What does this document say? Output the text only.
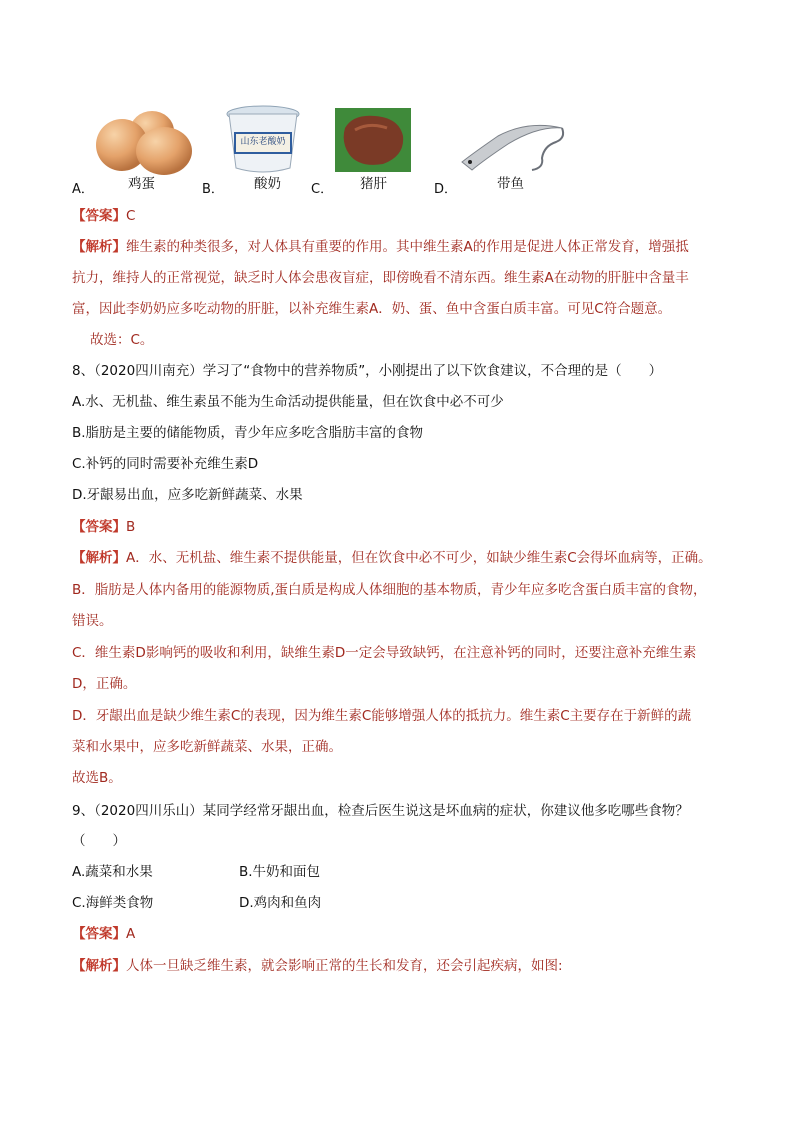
山东老酸奶
A．	鸡蛋	B． 酸奶 C． 猪肝	D．	带鱼
【答案】C
【解析】维生素的种类很多，对人体具有重要的作用。其中维生素A的作用是促进人体正常发育，增强抵
抗力，维持人的正常视觉，缺乏时人体会患夜盲症，即傍晚看不清东西。维生素A在动物的肝脏中含量丰
富，因此李奶奶应多吃动物的肝脏，以补充维生素A．奶、蛋、鱼中含蛋白质丰富。可见C符合题意。
故选：C。
8、（2020四川南充）学习了“食物中的营养物质”，小刚提出了以下饮食建议，不合理的是（　　）
A.水、无机盐、维生素虽不能为生命活动提供能量，但在饮食中必不可少
B.脂肪是主要的储能物质，青少年应多吃含脂肪丰富的食物
C.补钙的同时需要补充维生素D
D.牙龈易出血，应多吃新鲜蔬菜、水果
【答案】B
【解析】A．水、无机盐、维生素不提供能量，但在饮食中必不可少，如缺少维生素C会得坏血病等，正确。
B．脂肪是人体内备用的能源物质,蛋白质是构成人体细胞的基本物质，青少年应多吃含蛋白质丰富的食物，
错误。
C．维生素D影响钙的吸收和利用，缺维生素D一定会导致缺钙，在注意补钙的同时，还要注意补充维生素
D，正确。
D．牙龈出血是缺少维生素C的表现，因为维生素C能够增强人体的抵抗力。维生素C主要存在于新鲜的蔬
菜和水果中，应多吃新鲜蔬菜、水果，正确。
故选B。
9、（2020四川乐山）某同学经常牙龈出血，检查后医生说这是坏血病的症状，你建议他多吃哪些食物？
（　　）
A.蔬菜和水果	B.牛奶和面包
C.海鲜类食物	D.鸡肉和鱼肉
【答案】A
【解析】人体一旦缺乏维生素，就会影响正常的生长和发育，还会引起疾病，如图:
